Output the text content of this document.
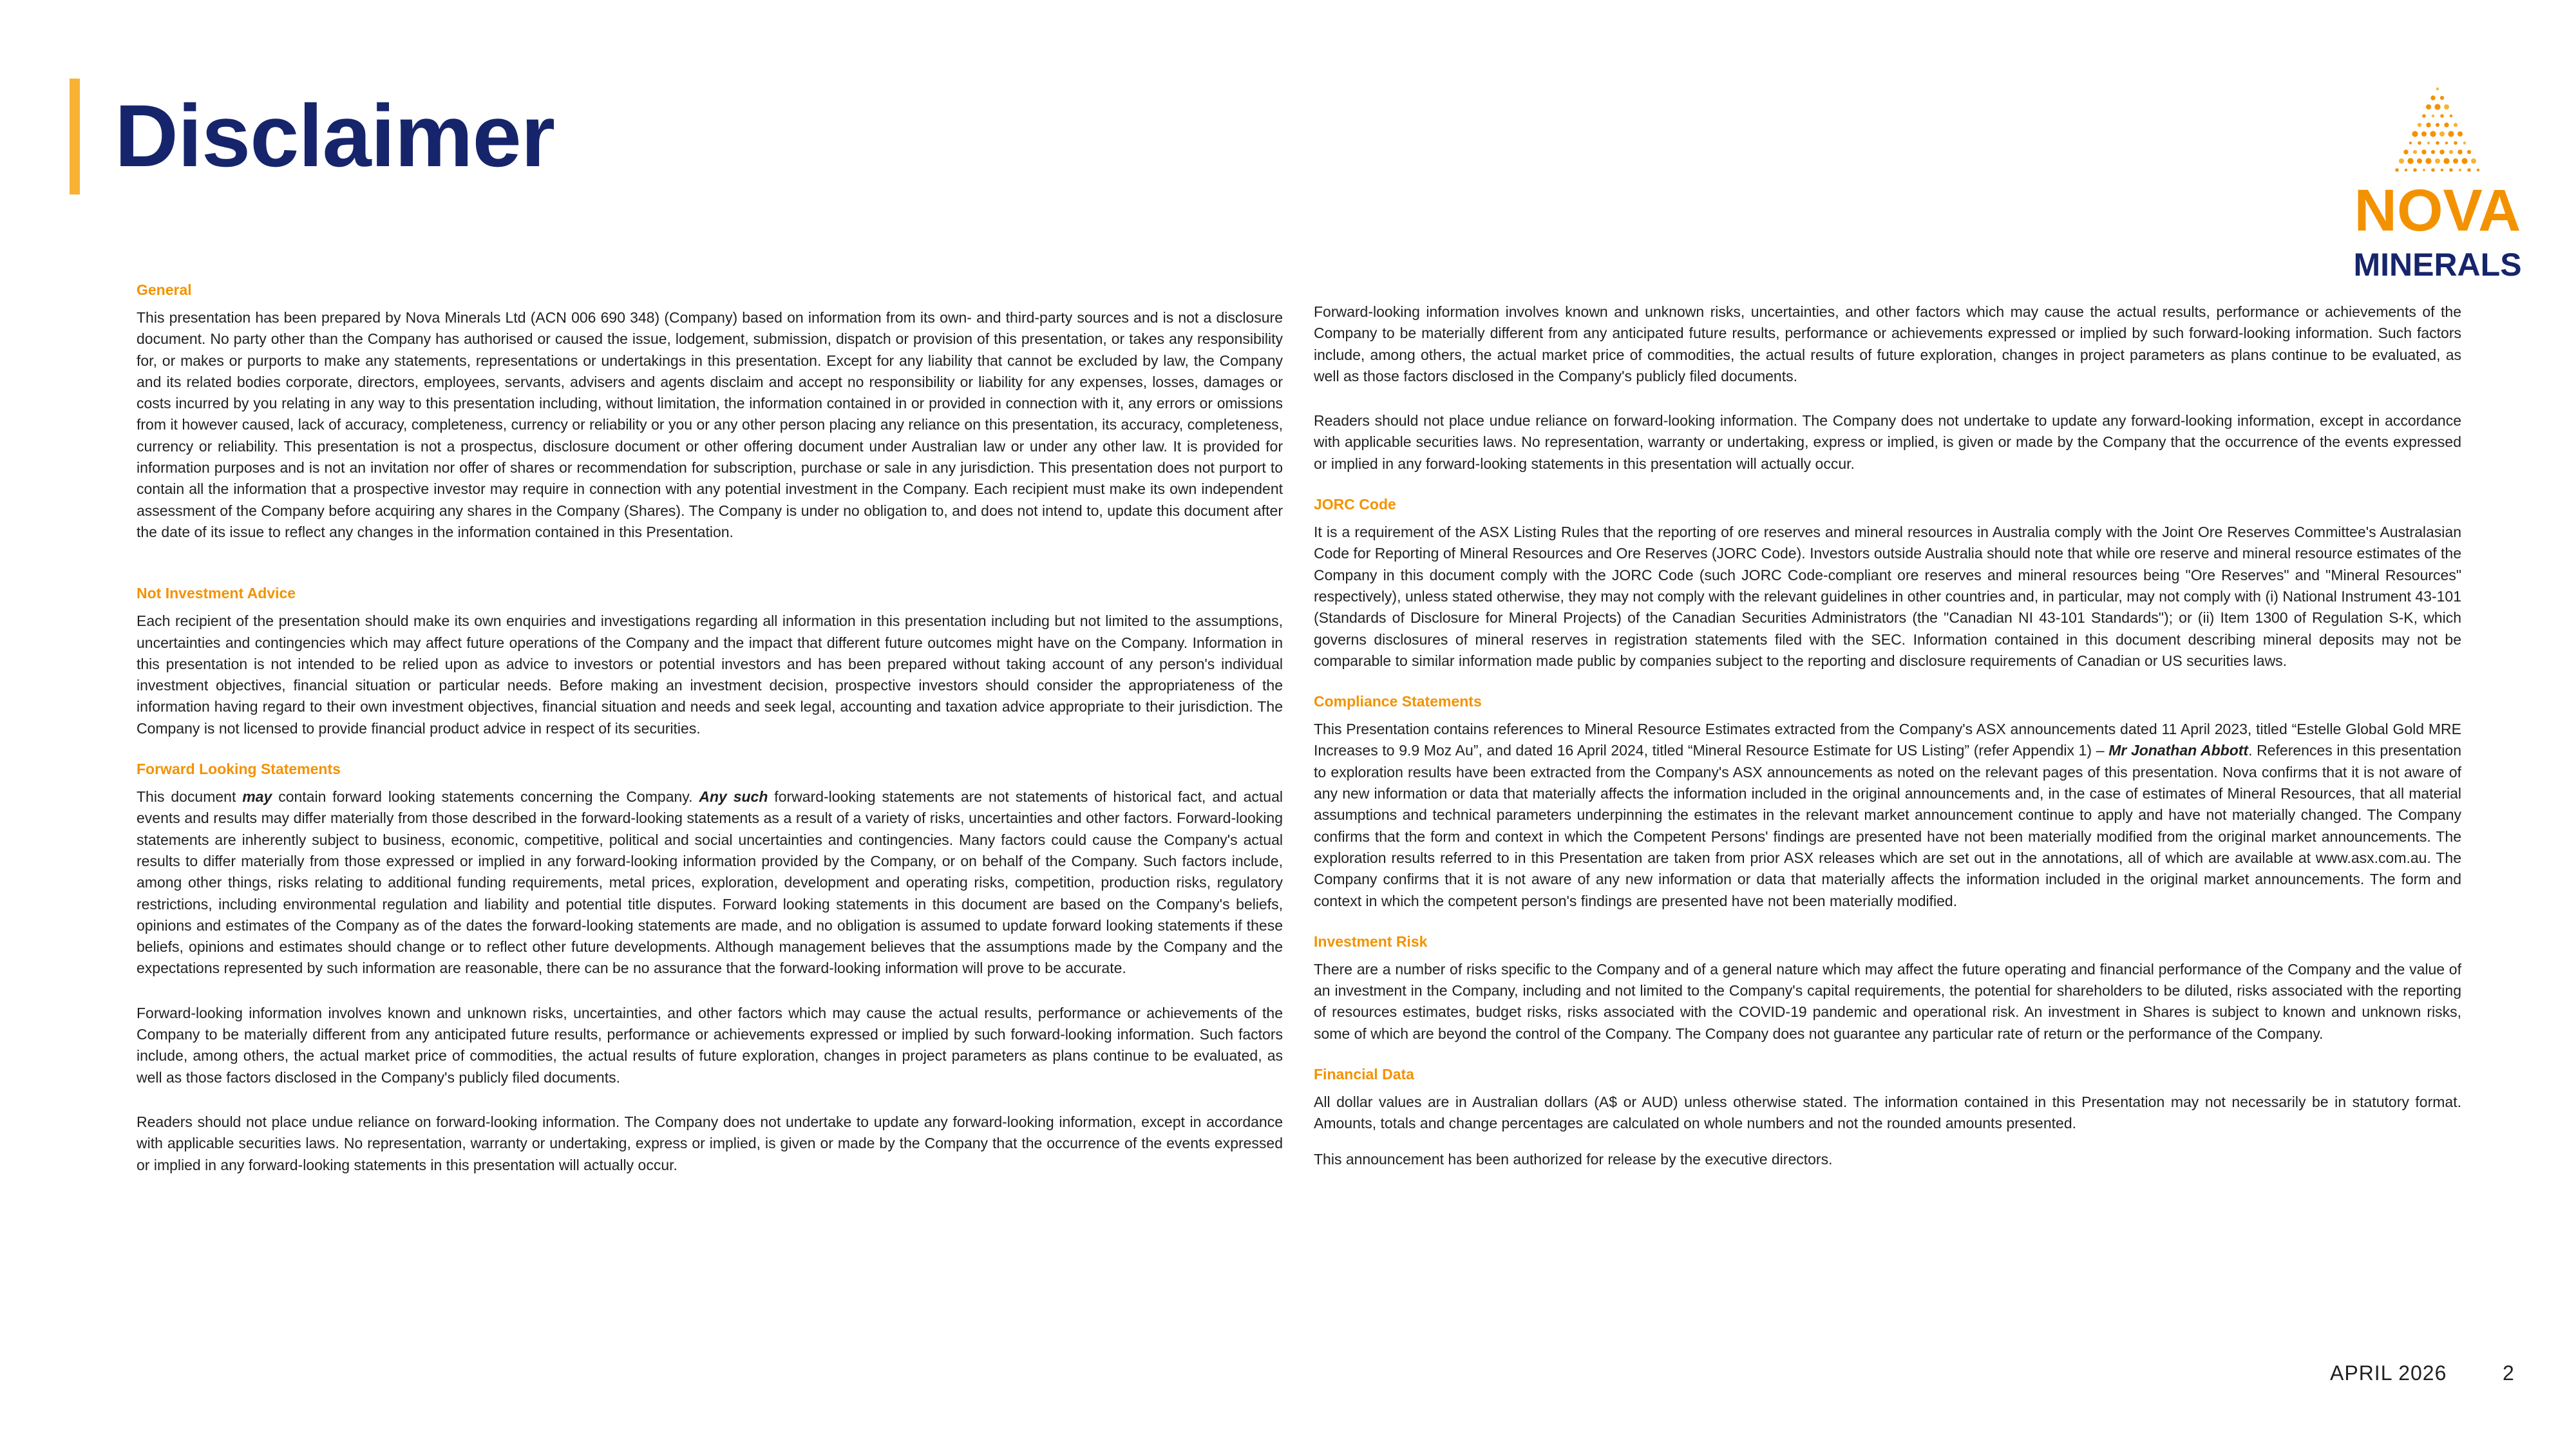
Disclaimer
NOVA
MINERALS
General

This presentation has been prepared by Nova Minerals Ltd (ACN 006 690 348) (Company) based on information from its own- and third-party sources and is not a disclosure document. No party other than the Company has authorised or caused the issue, lodgement, submission, dispatch or provision of this presentation, or takes any responsibility for, or makes or purports to make any statements, representations or undertakings in this presentation. Except for any liability that cannot be excluded by law, the Company and its related bodies corporate, directors, employees, servants, advisers and agents disclaim and accept no responsibility or liability for any expenses, losses, damages or costs incurred by you relating in any way to this presentation including, without limitation, the information contained in or provided in connection with it, any errors or omissions from it however caused, lack of accuracy, completeness, currency or reliability or you or any other person placing any reliance on this presentation, its accuracy, completeness, currency or reliability. This presentation is not a prospectus, disclosure document or other offering document under Australian law or under any other law. It is provided for information purposes and is not an invitation nor offer of shares or recommendation for subscription, purchase or sale in any jurisdiction. This presentation does not purport to contain all the information that a prospective investor may require in connection with any potential investment in the Company. Each recipient must make its own independent assessment of the Company before acquiring any shares in the Company (Shares). The Company is under no obligation to, and does not intend to, update this document after the date of its issue to reflect any changes in the information contained in this Presentation.

Not Investment Advice

Each recipient of the presentation should make its own enquiries and investigations regarding all information in this presentation including but not limited to the assumptions, uncertainties and contingencies which may affect future operations of the Company and the impact that different future outcomes might have on the Company. Information in this presentation is not intended to be relied upon as advice to investors or potential investors and has been prepared without taking account of any person's individual investment objectives, financial situation or particular needs. Before making an investment decision, prospective investors should consider the appropriateness of the information having regard to their own investment objectives, financial situation and needs and seek legal, accounting and taxation advice appropriate to their jurisdiction. The Company is not licensed to provide financial product advice in respect of its securities.

Forward Looking Statements

This document may contain forward looking statements concerning the Company. Any such forward-looking statements are not statements of historical fact, and actual events and results may differ materially from those described in the forward-looking statements as a result of a variety of risks, uncertainties and other factors. Forward-looking statements are inherently subject to business, economic, competitive, political and social uncertainties and contingencies. Many factors could cause the Company's actual results to differ materially from those expressed or implied in any forward-looking information provided by the Company, or on behalf of the Company. Such factors include, among other things, risks relating to additional funding requirements, metal prices, exploration, development and operating risks, competition, production risks, regulatory restrictions, including environmental regulation and liability and potential title disputes. Forward looking statements in this document are based on the Company's beliefs, opinions and estimates of the Company as of the dates the forward-looking statements are made, and no obligation is assumed to update forward looking statements if these beliefs, opinions and estimates should change or to reflect other future developments. Although management believes that the assumptions made by the Company and the expectations represented by such information are reasonable, there can be no assurance that the forward-looking information will prove to be accurate.

Forward-looking information involves known and unknown risks, uncertainties, and other factors which may cause the actual results, performance or achievements of the Company to be materially different from any anticipated future results, performance or achievements expressed or implied by such forward-looking information. Such factors include, among others, the actual market price of commodities, the actual results of future exploration, changes in project parameters as plans continue to be evaluated, as well as those factors disclosed in the Company's publicly filed documents.

Readers should not place undue reliance on forward-looking information. The Company does not undertake to update any forward-looking information, except in accordance with applicable securities laws. No representation, warranty or undertaking, express or implied, is given or made by the Company that the occurrence of the events expressed or implied in any forward-looking statements in this presentation will actually occur.

Forward-looking information involves known and unknown risks, uncertainties, and other factors which may cause the actual results, performance or achievements of the Company to be materially different from any anticipated future results, performance or achievements expressed or implied by such forward-looking information. Such factors include, among others, the actual market price of commodities, the actual results of future exploration, changes in project parameters as plans continue to be evaluated, as well as those factors disclosed in the Company's publicly filed documents.

Readers should not place undue reliance on forward-looking information. The Company does not undertake to update any forward-looking information, except in accordance with applicable securities laws. No representation, warranty or undertaking, express or implied, is given or made by the Company that the occurrence of the events expressed or implied in any forward-looking statements in this presentation will actually occur.

JORC Code

It is a requirement of the ASX Listing Rules that the reporting of ore reserves and mineral resources in Australia comply with the Joint Ore Reserves Committee's Australasian Code for Reporting of Mineral Resources and Ore Reserves (JORC Code). Investors outside Australia should note that while ore reserve and mineral resource estimates of the Company in this document comply with the JORC Code (such JORC Code-compliant ore reserves and mineral resources being "Ore Reserves" and "Mineral Resources" respectively), unless stated otherwise, they may not comply with the relevant guidelines in other countries and, in particular, may not comply with (i) National Instrument 43-101 (Standards of Disclosure for Mineral Projects) of the Canadian Securities Administrators (the "Canadian NI 43-101 Standards"); or (ii) Item 1300 of Regulation S-K, which governs disclosures of mineral reserves in registration statements filed with the SEC. Information contained in this document describing mineral deposits may not be comparable to similar information made public by companies subject to the reporting and disclosure requirements of Canadian or US securities laws.

Compliance Statements

This Presentation contains references to Mineral Resource Estimates extracted from the Company's ASX announcements dated 11 April 2023, titled “Estelle Global Gold MRE Increases to 9.9 Moz Au”, and dated 16 April 2024, titled “Mineral Resource Estimate for US Listing” (refer Appendix 1) – Mr Jonathan Abbott. References in this presentation to exploration results have been extracted from the Company's ASX announcements as noted on the relevant pages of this presentation. Nova confirms that it is not aware of any new information or data that materially affects the information included in the original announcements and, in the case of estimates of Mineral Resources, that all material assumptions and technical parameters underpinning the estimates in the relevant market announcement continue to apply and have not materially changed. The Company confirms that the form and context in which the Competent Persons' findings are presented have not been materially modified from the original market announcements. The exploration results referred to in this Presentation are taken from prior ASX releases which are set out in the annotations, all of which are available at www.asx.com.au. The Company confirms that it is not aware of any new information or data that materially affects the information included in the original market announcements. The form and context in which the competent person's findings are presented have not been materially modified.

Investment Risk

There are a number of risks specific to the Company and of a general nature which may affect the future operating and financial performance of the Company and the value of an investment in the Company, including and not limited to the Company's capital requirements, the potential for shareholders to be diluted, risks associated with the reporting of resources estimates, budget risks, risks associated with the COVID-19 pandemic and operational risk. An investment in Shares is subject to known and unknown risks, some of which are beyond the control of the Company. The Company does not guarantee any particular rate of return or the performance of the Company.

Financial Data

All dollar values are in Australian dollars (A$ or AUD) unless otherwise stated. The information contained in this Presentation may not necessarily be in statutory format. Amounts, totals and change percentages are calculated on whole numbers and not the rounded amounts presented.

This announcement has been authorized for release by the executive directors.

APRIL 2026	2
